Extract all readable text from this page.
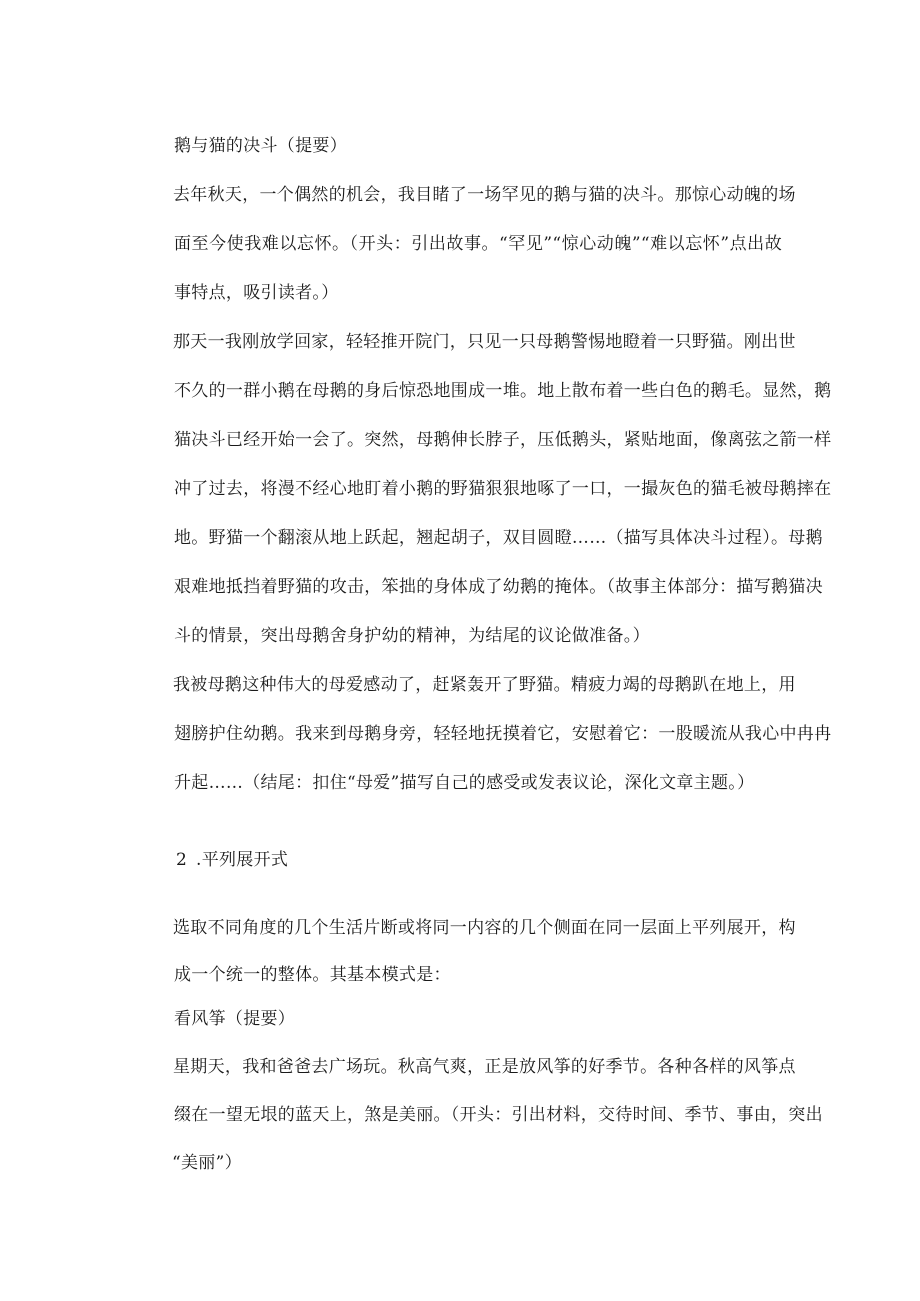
鹅与猫的决斗（提要）
去年秋天，一个偶然的机会，我目睹了一场罕见的鹅与猫的决斗。那惊心动魄的场
面至今使我难以忘怀。（开头：引出故事。“罕见”“惊心动魄”“难以忘怀”点出故
事特点，吸引读者。）
那天一我刚放学回家，轻轻推开院门，只见一只母鹅警惕地瞪着一只野猫。刚出世
不久的一群小鹅在母鹅的身后惊恐地围成一堆。地上散布着一些白色的鹅毛。显然，鹅
猫决斗已经开始一会了。突然，母鹅伸长脖子，压低鹅头，紧贴地面，像离弦之箭一样
冲了过去，将漫不经心地盯着小鹅的野猫狠狠地啄了一口，一撮灰色的猫毛被母鹅摔在
地。野猫一个翻滚从地上跃起，翘起胡子，双目圆瞪……（描写具体决斗过程）。母鹅
艰难地抵挡着野猫的攻击，笨拙的身体成了幼鹅的掩体。（故事主体部分：描写鹅猫决
斗的情景，突出母鹅舍身护幼的精神，为结尾的议论做准备。）
我被母鹅这种伟大的母爱感动了，赶紧轰开了野猫。精疲力竭的母鹅趴在地上，用
翅膀护住幼鹅。我来到母鹅身旁，轻轻地抚摸着它，安慰着它：一股暖流从我心中冉冉
升起……（结尾：扣住“母爱”描写自己的感受或发表议论，深化文章主题。）
2 .平列展开式
选取不同角度的几个生活片断或将同一内容的几个侧面在同一层面上平列展开，构
成一个统一的整体。其基本模式是：
看风筝（提要）
星期天，我和爸爸去广场玩。秋高气爽，正是放风筝的好季节。各种各样的风筝点
缀在一望无垠的蓝天上，煞是美丽。（开头：引出材料，交待时间、季节、事由，突出
“美丽”）
